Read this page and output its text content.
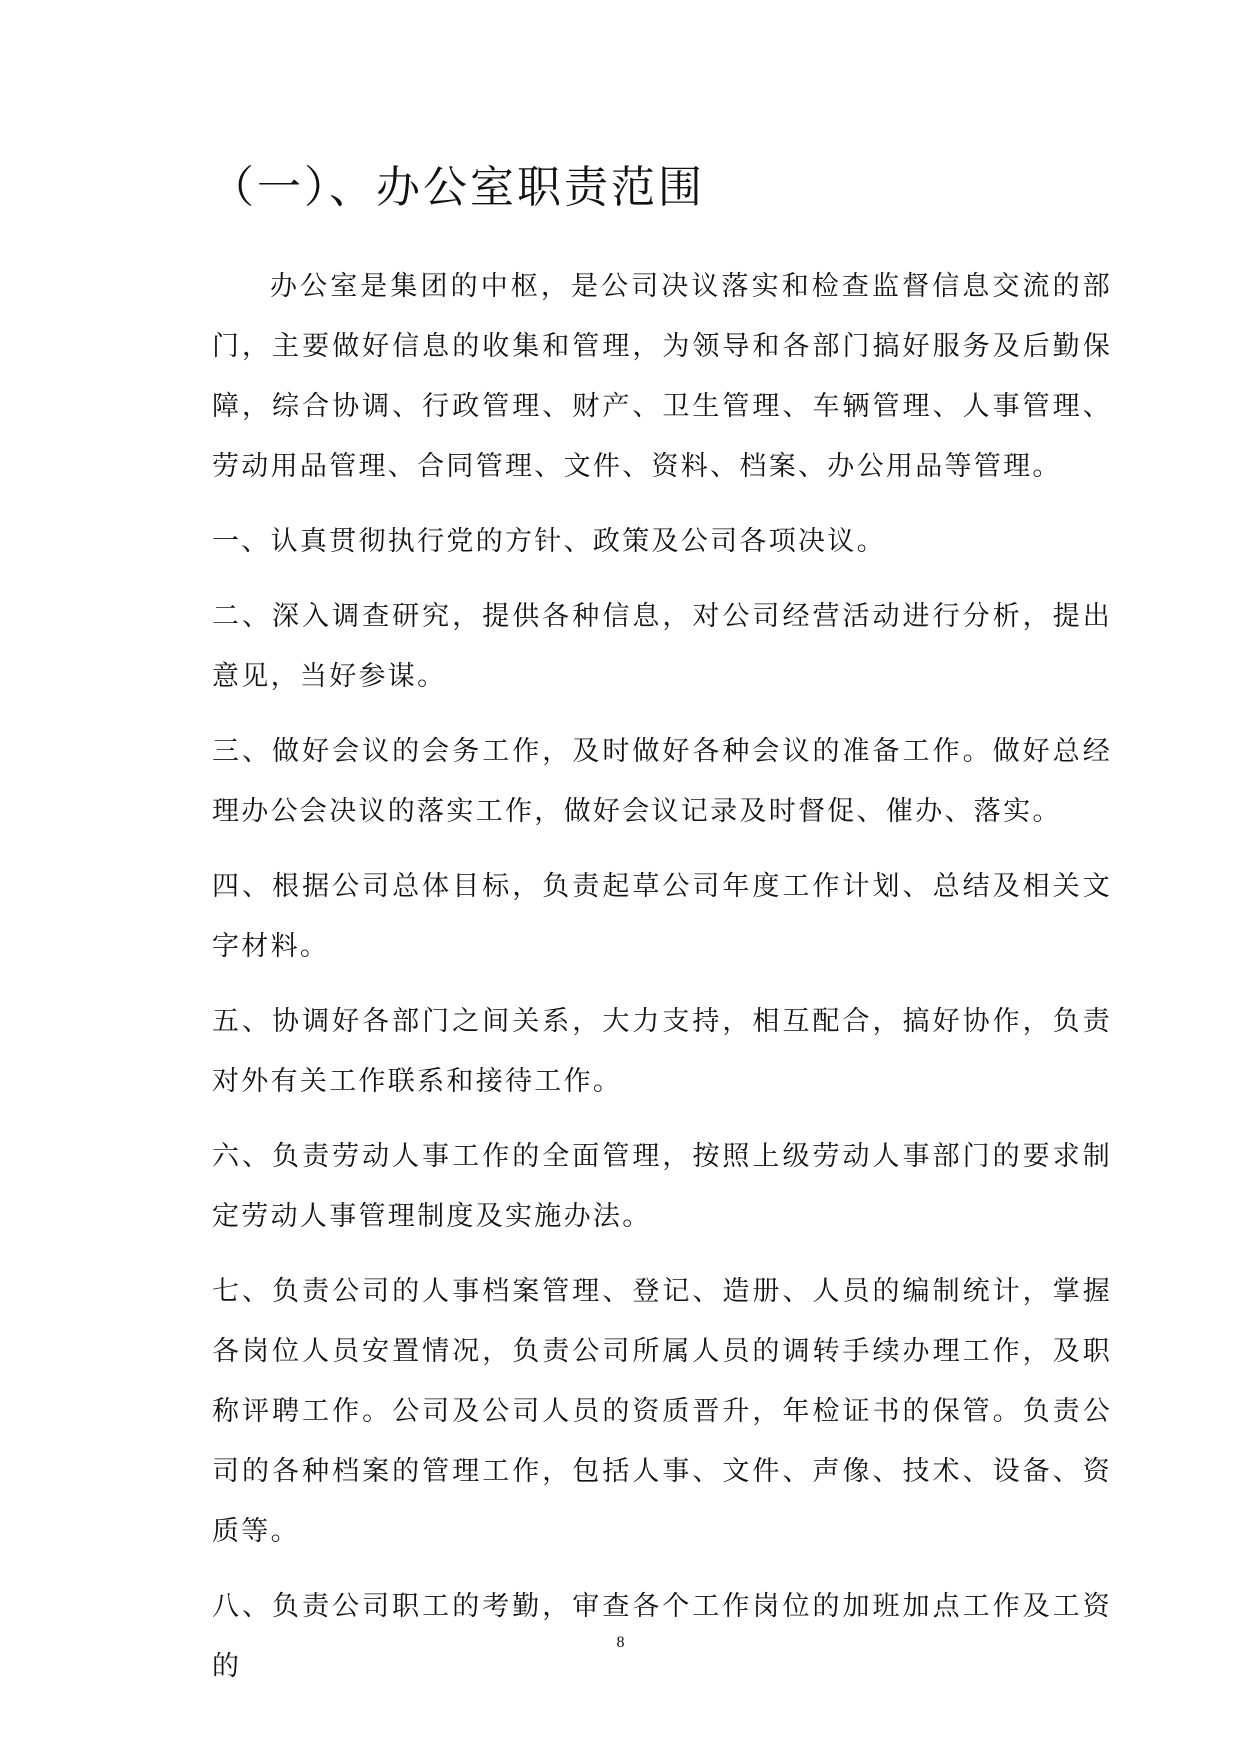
（一）、办公室职责范围

办公室是集团的中枢，是公司决议落实和检查监督信息交流的部门，主要做好信息的收集和管理，为领导和各部门搞好服务及后勤保障，综合协调、行政管理、财产、卫生管理、车辆管理、人事管理、劳动用品管理、合同管理、文件、资料、档案、办公用品等管理。

一、认真贯彻执行党的方针、政策及公司各项决议。

二、深入调查研究，提供各种信息，对公司经营活动进行分析，提出意见，当好参谋。

三、做好会议的会务工作，及时做好各种会议的准备工作。做好总经理办公会决议的落实工作，做好会议记录及时督促、催办、落实。

四、根据公司总体目标，负责起草公司年度工作计划、总结及相关文字材料。

五、协调好各部门之间关系，大力支持，相互配合，搞好协作，负责对外有关工作联系和接待工作。

六、负责劳动人事工作的全面管理，按照上级劳动人事部门的要求制定劳动人事管理制度及实施办法。

七、负责公司的人事档案管理、登记、造册、人员的编制统计，掌握各岗位人员安置情况，负责公司所属人员的调转手续办理工作，及职称评聘工作。公司及公司人员的资质晋升，年检证书的保管。负责公司的各种档案的管理工作，包括人事、文件、声像、技术、设备、资质等。

八、负责公司职工的考勤，审查各个工作岗位的加班加点工作及工资的

8
